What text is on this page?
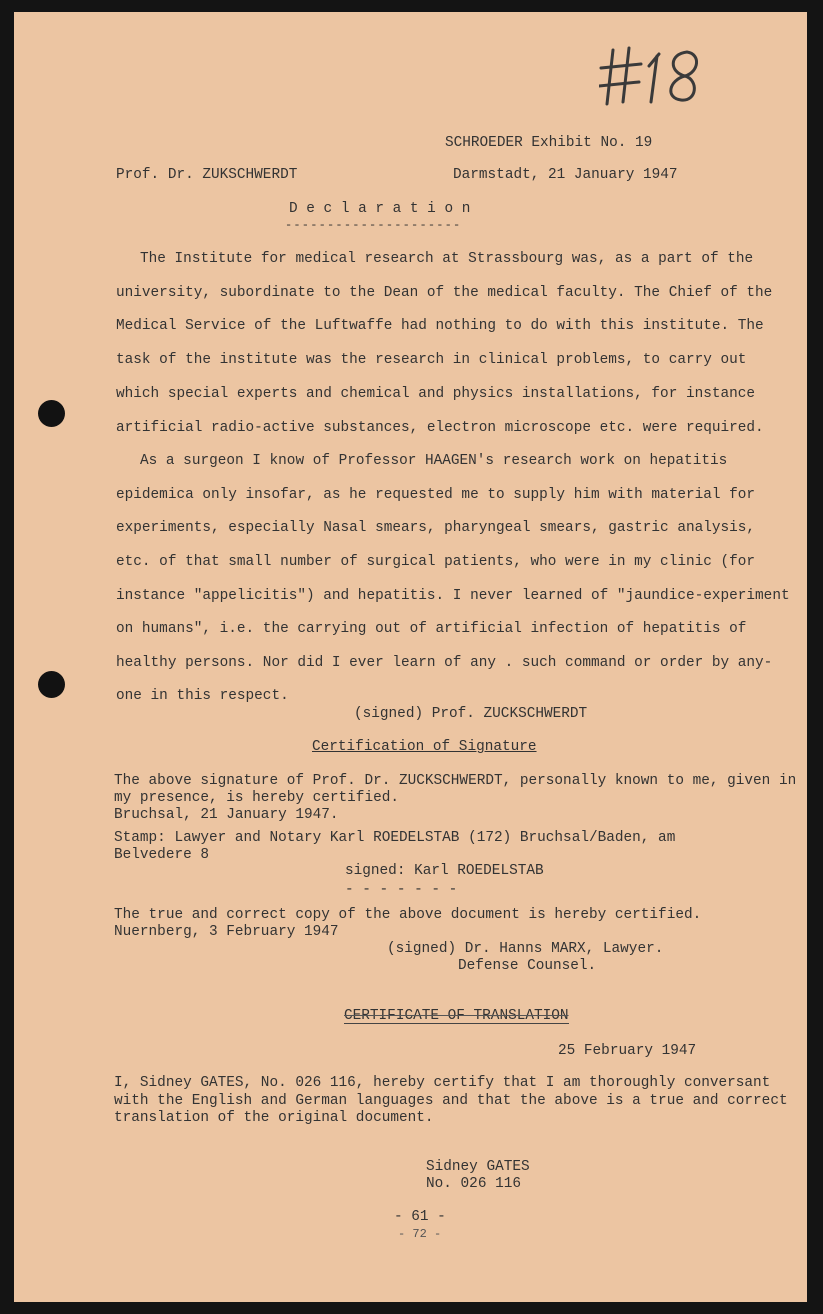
SCHROEDER Exhibit No. 19
Prof. Dr. ZUKSCHWERDT	Darmstadt, 21 January 1947
D e c l a r a t i o n
- - - - - - - - - - - - - - - - - - - - -
The Institute for medical research at Strassbourg was, as a part of the
university, subordinate to the Dean of the medical faculty. The Chief of the
Medical Service of the Luftwaffe had nothing to do with this institute. The
task of the institute was the research in clinical problems, to carry out
which special experts and chemical and physics installations, for instance
artificial radio-active substances, electron microscope etc. were required.
As a surgeon I know of Professor HAAGEN's research work on hepatitis
epidemica only insofar, as he requested me to supply him with material for
experiments, especially Nasal smears, pharyngeal smears, gastric analysis,
etc. of that small number of surgical patients, who were in my clinic (for
instance "appelicitis") and hepatitis. I never learned of "jaundice-experiment
on humans", i.e. the carrying out of artificial infection of hepatitis of
healthy persons. Nor did I ever learn of any . such command or order by any-
one in this respect.
(signed) Prof. ZUCKSCHWERDT
Certification of Signature
The above signature of Prof. Dr. ZUCKSCHWERDT, personally known to me, given in
my presence, is hereby certified.
Bruchsal, 21 January 1947.
Stamp: Lawyer and Notary Karl ROEDELSTAB (172) Bruchsal/Baden, am
Belvedere 8
signed: Karl ROEDELSTAB
- - - - - - -
The true and correct copy of the above document is hereby certified.
Nuernberg, 3 February 1947
(signed) Dr. Hanns MARX, Lawyer.
Defense Counsel.
CERTIFICATE OF TRANSLATION
25 February 1947
I, Sidney GATES, No. 026 116, hereby certify that I am thoroughly conversant
with the English and German languages and that the above is a true and correct
translation of the original document.
Sidney GATES
No. 026 116
- 61 -
- 72 -
